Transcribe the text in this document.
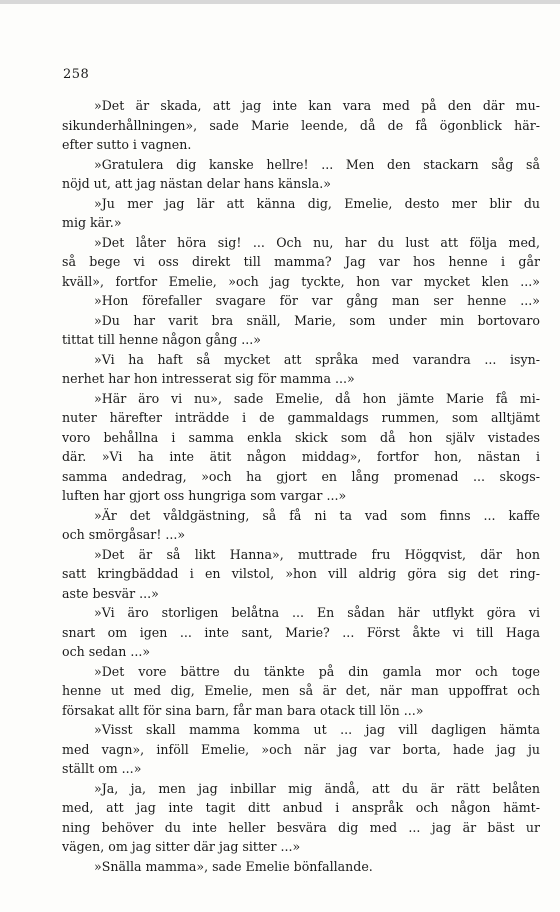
258
»Det är skada, att jag inte kan vara med på den där mu-
sikunderhållningen», sade Marie leende, då de få ögonblick här-
efter sutto i vagnen.
»Gratulera dig kanske hellre! ... Men den stackarn såg så
nöjd ut, att jag nästan delar hans känsla.»
»Ju mer jag lär att känna dig, Emelie, desto mer blir du
mig kär.»
»Det låter höra sig! ... Och nu, har du lust att följa med,
så bege vi oss direkt till mamma? Jag var hos henne i går
kväll», fortfor Emelie, »och jag tyckte, hon var mycket klen ...»
»Hon förefaller svagare för var gång man ser henne ...»
»Du har varit bra snäll, Marie, som under min bortovaro
tittat till henne någon gång ...»
»Vi ha haft så mycket att språka med varandra ... isyn-
nerhet har hon intresserat sig för mamma ...»
»Här äro vi nu», sade Emelie, då hon jämte Marie få mi-
nuter härefter inträdde i de gammaldags rummen, som alltjämt
voro behållna i samma enkla skick som då hon själv vistades
där. »Vi ha inte ätit någon middag», fortfor hon, nästan i
samma andedrag, »och ha gjort en lång promenad ... skogs-
luften har gjort oss hungriga som vargar ...»
»Är det våldgästning, så få ni ta vad som finns ... kaffe
och smörgåsar! ...»
»Det är så likt Hanna», muttrade fru Högqvist, där hon
satt kringbäddad i en vilstol, »hon vill aldrig göra sig det ring-
aste besvär ...»
»Vi äro storligen belåtna ... En sådan här utflykt göra vi
snart om igen ... inte sant, Marie? ... Först åkte vi till Haga
och sedan ...»
»Det vore bättre du tänkte på din gamla mor och toge
henne ut med dig, Emelie, men så är det, när man uppoffrat och
försakat allt för sina barn, får man bara otack till lön ...»
»Visst skall mamma komma ut ... jag vill dagligen hämta
med vagn», inföll Emelie, »och när jag var borta, hade jag ju
ställt om ...»
»Ja, ja, men jag inbillar mig ändå, att du är rätt belåten
med, att jag inte tagit ditt anbud i anspråk och någon hämt-
ning behöver du inte heller besvära dig med ... jag är bäst ur
vägen, om jag sitter där jag sitter ...»
»Snälla mamma», sade Emelie bönfallande.
